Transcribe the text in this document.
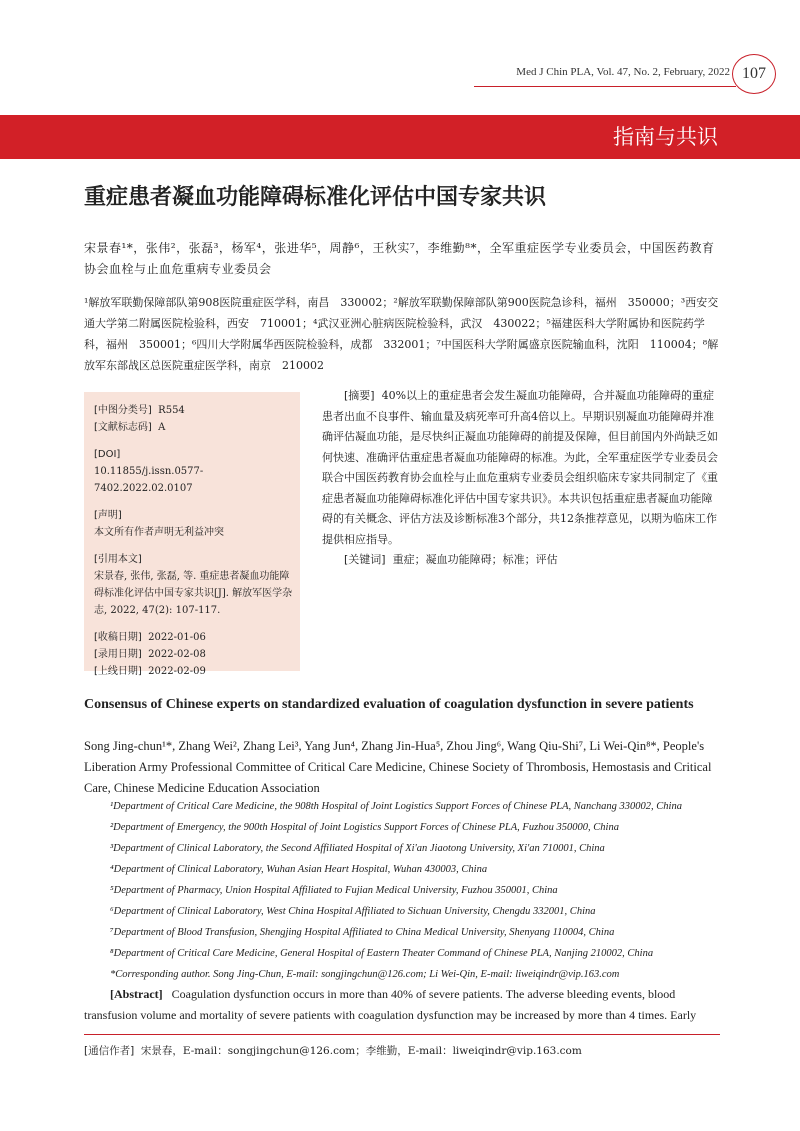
Med J Chin PLA, Vol. 47, No. 2, February, 2022 107
指南与共识
重症患者凝血功能障碍标准化评估中国专家共识
宋景春¹*，张伟²，张磊³，杨军⁴，张进华⁵，周静⁶，王秋实⁷，李维勤⁸*，全军重症医学专业委员会，中国医药教育协会血栓与止血危重病专业委员会
¹解放军联勤保障部队第908医院重症医学科，南昌　330002；²解放军联勤保障部队第900医院急诊科，福州　350000；³西安交通大学第二附属医院检验科，西安　710001；⁴武汉亚洲心脏病医院检验科，武汉　430022；⁵福建医科大学附属协和医院药学科，福州　350001；⁶四川大学附属华西医院检验科，成都　332001；⁷中国医科大学附属盛京医院输血科，沈阳　110004；⁸解放军东部战区总医院重症医学科，南京　210002
[中图分类号] R554
[文献标志码] A
[DOI]
10.11855/j.issn.0577-7402.2022.02.0107
[声明]
本文所有作者声明无利益冲突
[引用本文]
宋景春, 张伟, 张磊, 等. 重症患者凝血功能障碍标准化评估中国专家共识[J]. 解放军医学杂志, 2022, 47(2): 107-117.
[收稿日期] 2022-01-06
[录用日期] 2022-02-08
[上线日期] 2022-02-09
[摘要] 40%以上的重症患者会发生凝血功能障碍，合并凝血功能障碍的重症患者出血不良事件、输血量及病死率可升高4倍以上。早期识别凝血功能障碍并准确评估凝血功能，是尽快纠正凝血功能障碍的前提及保障，但目前国内外尚缺乏如何快速、准确评估重症患者凝血功能障碍的标准。为此，全军重症医学专业委员会联合中国医药教育协会血栓与止血危重病专业委员会组织临床专家共同制定了《重症患者凝血功能障碍标准化评估中国专家共识》。本共识包括重症患者凝血功能障碍的有关概念、评估方法及诊断标准3个部分，共12条推荐意见，以期为临床工作提供相应指导。
[关键词] 重症；凝血功能障碍；标准；评估
Consensus of Chinese experts on standardized evaluation of coagulation dysfunction in severe patients
Song Jing-chun¹*, Zhang Wei², Zhang Lei³, Yang Jun⁴, Zhang Jin-Hua⁵, Zhou Jing⁶, Wang Qiu-Shi⁷, Li Wei-Qin⁸*, People's Liberation Army Professional Committee of Critical Care Medicine, Chinese Society of Thrombosis, Hemostasis and Critical Care, Chinese Medicine Education Association
¹Department of Critical Care Medicine, the 908th Hospital of Joint Logistics Support Forces of Chinese PLA, Nanchang 330002, China
²Department of Emergency, the 900th Hospital of Joint Logistics Support Forces of Chinese PLA, Fuzhou 350000, China
³Department of Clinical Laboratory, the Second Affiliated Hospital of Xi'an Jiaotong University, Xi'an 710001, China
⁴Department of Clinical Laboratory, Wuhan Asian Heart Hospital, Wuhan 430003, China
⁵Department of Pharmacy, Union Hospital Affiliated to Fujian Medical University, Fuzhou 350001, China
⁶Department of Clinical Laboratory, West China Hospital Affiliated to Sichuan University, Chengdu 332001, China
⁷Department of Blood Transfusion, Shengjing Hospital Affiliated to China Medical University, Shenyang 110004, China
⁸Department of Critical Care Medicine, General Hospital of Eastern Theater Command of Chinese PLA, Nanjing 210002, China
*Corresponding author. Song Jing-Chun, E-mail: songjingchun@126.com; Li Wei-Qin, E-mail: liweiqindr@vip.163.com
[Abstract] Coagulation dysfunction occurs in more than 40% of severe patients. The adverse bleeding events, blood transfusion volume and mortality of severe patients with coagulation dysfunction may be increased by more than 4 times. Early
[通信作者] 宋景春，E-mail：songjingchun@126.com；李维勤，E-mail：liweiqindr@vip.163.com
